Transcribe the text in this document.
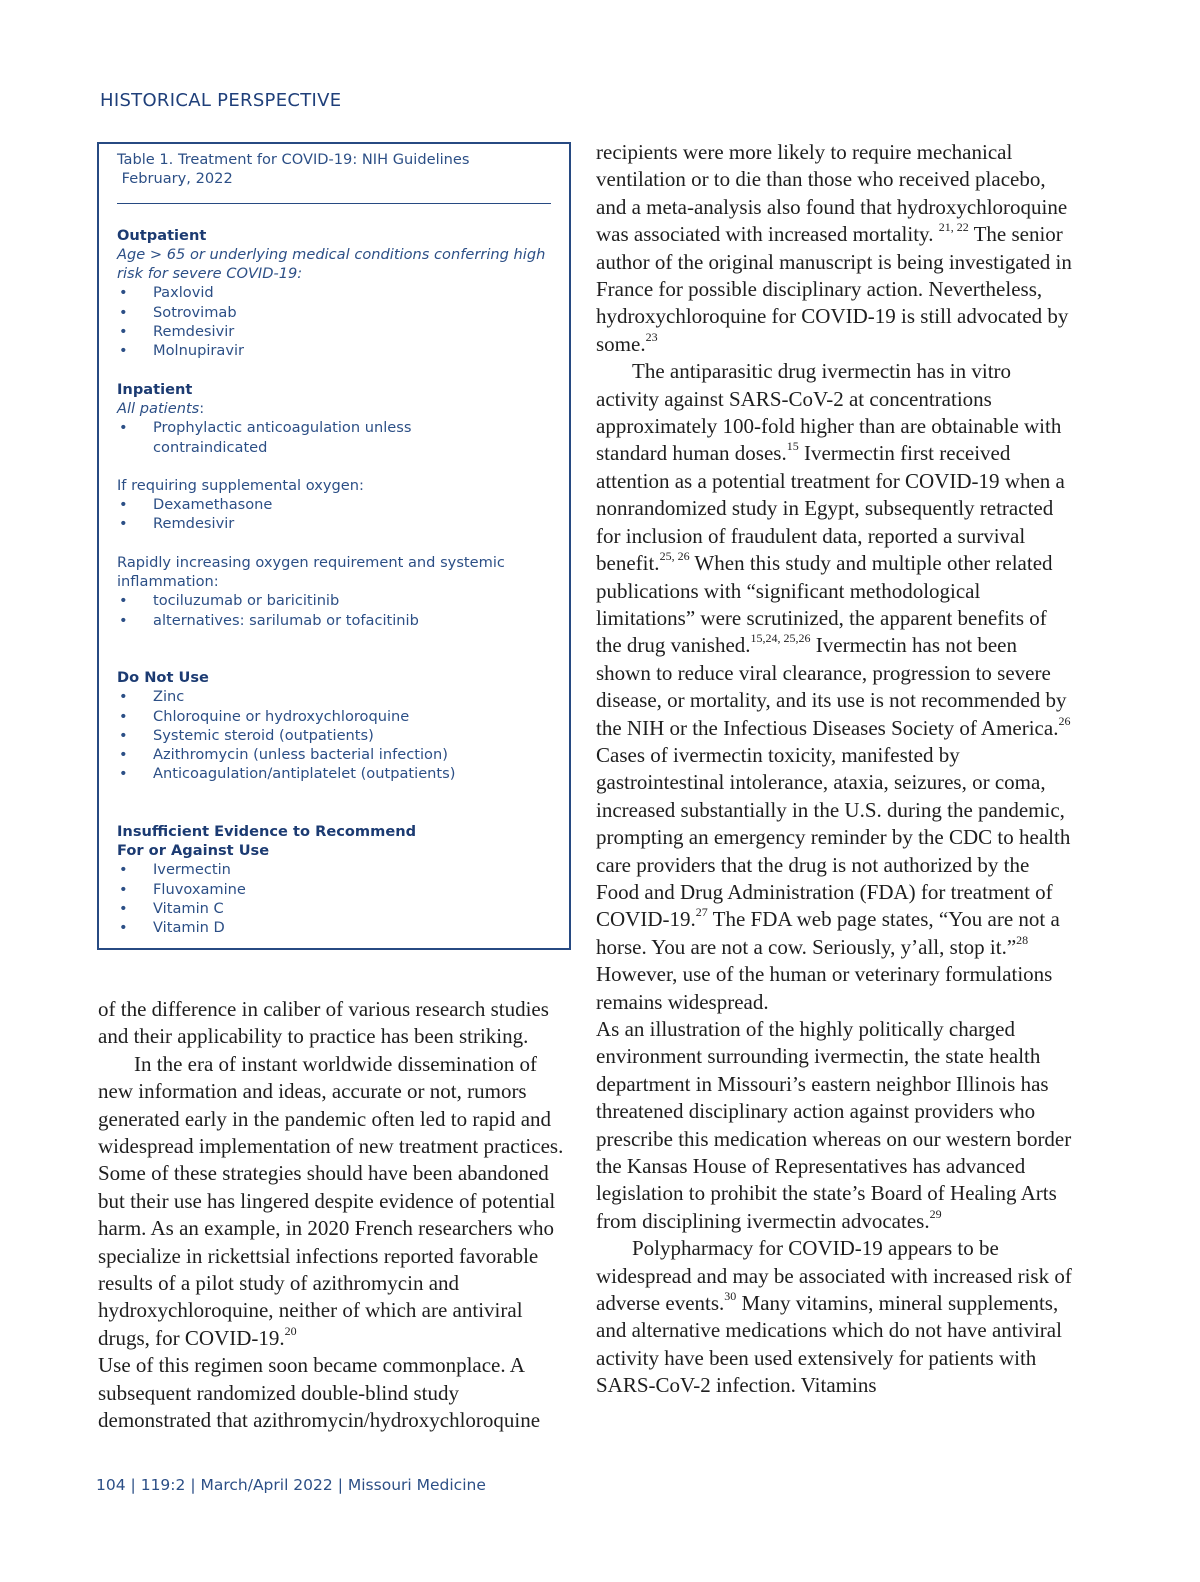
HISTORICAL PERSPECTIVE
Table 1. Treatment for COVID-19: NIH Guidelines
February, 2022
Outpatient
Age > 65 or underlying medical conditions conferring high risk for severe COVID-19:
• Paxlovid
• Sotrovimab
• Remdesivir
• Molnupiravir
Inpatient
All patients:
• Prophylactic anticoagulation unless contraindicated
If requiring supplemental oxygen:
• Dexamethasone
• Remdesivir
Rapidly increasing oxygen requirement and systemic inflammation:
• tociluzumab or baricitinib
• alternatives: sarilumab or tofacitinib
Do Not Use
• Zinc
• Chloroquine or hydroxychloroquine
• Systemic steroid (outpatients)
• Azithromycin (unless bacterial infection)
• Anticoagulation/antiplatelet (outpatients)
Insufficient Evidence to Recommend
For or Against Use
• Ivermectin
• Fluvoxamine
• Vitamin C
• Vitamin D

of the difference in caliber of various research studies and their applicability to practice has been striking.

In the era of instant worldwide dissemination of new information and ideas, accurate or not, rumors generated early in the pandemic often led to rapid and widespread implementation of new treatment practices. Some of these strategies should have been abandoned but their use has lingered despite evidence of potential harm. As an example, in 2020 French researchers who specialize in rickettsial infections reported favorable results of a pilot study of azithromycin and hydroxychloroquine, neither of which are antiviral drugs, for COVID-19.20

Use of this regimen soon became commonplace. A subsequent randomized double-blind study demonstrated that azithromycin/hydroxychloroquine

recipients were more likely to require mechanical ventilation or to die than those who received placebo, and a meta-analysis also found that hydroxychloroquine was associated with increased mortality. $^{21, 22}$ The senior author of the original manuscript is being investigated in France for possible disciplinary action. Nevertheless, hydroxychloroquine for COVID-19 is still advocated by some.$^{23}$

The antiparasitic drug ivermectin has in vitro activity against SARS-CoV-2 at concentrations approximately 100-fold higher than are obtainable with standard human doses.$^{15}$ Ivermectin first received attention as a potential treatment for COVID-19 when a nonrandomized study in Egypt, subsequently retracted for inclusion of fraudulent data, reported a survival benefit.$^{25, 26}$ When this study and multiple other related publications with “significant methodological limitations” were scrutinized, the apparent benefits of the drug vanished.$^{15,24, 25,26}$ Ivermectin has not been shown to reduce viral clearance, progression to severe disease, or mortality, and its use is not recommended by the NIH or the Infectious Diseases Society of America.$^{26}$ Cases of ivermectin toxicity, manifested by gastrointestinal intolerance, ataxia, seizures, or coma, increased substantially in the U.S. during the pandemic, prompting an emergency reminder by the CDC to health care providers that the drug is not authorized by the Food and Drug Administration (FDA) for treatment of COVID-19.27 The FDA web page states, “You are not a horse. You are not a cow. Seriously, y’all, stop it.”$^{28}$ However, use of the human or veterinary formulations remains widespread.

As an illustration of the highly politically charged environment surrounding ivermectin, the state health department in Missouri’s eastern neighbor Illinois has threatened disciplinary action against providers who prescribe this medication whereas on our western border the Kansas House of Representatives has advanced legislation to prohibit the state’s Board of Healing Arts from disciplining ivermectin advocates.$^{29}$

Polypharmacy for COVID-19 appears to be widespread and may be associated with increased risk of adverse events.$^{30}$ Many vitamins, mineral supplements, and alternative medications which do not have antiviral activity have been used extensively for patients with SARS-CoV-2 infection. Vitamins

104 | 119:2 | March/April 2022 | Missouri Medicine
